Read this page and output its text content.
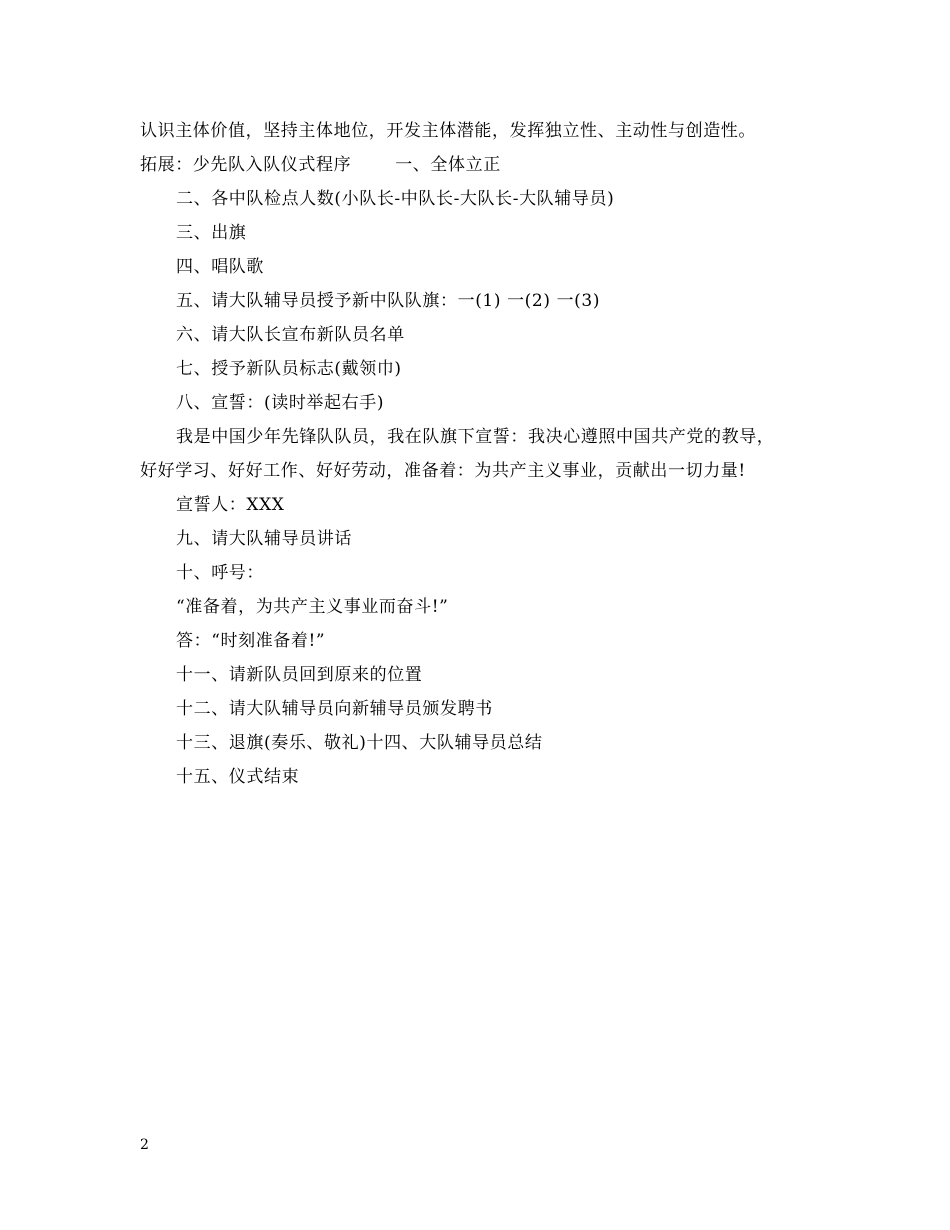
认识主体价值，坚持主体地位，开发主体潜能，发挥独立性、主动性与创造性。
拓展：少先队入队仪式程序	一、全体立正
二、各中队检点人数(小队长-中队长-大队长-大队辅导员)
三、出旗
四、唱队歌
五、请大队辅导员授予新中队队旗：一(1) 一(2) 一(3)
六、请大队长宣布新队员名单
七、授予新队员标志(戴领巾)
八、宣誓：(读时举起右手)
我是中国少年先锋队队员，我在队旗下宣誓：我决心遵照中国共产党的教导，
好好学习、好好工作、好好劳动，准备着：为共产主义事业，贡献出一切力量!
宣誓人：XXX
九、请大队辅导员讲话
十、呼号：
“准备着，为共产主义事业而奋斗!”
答：“时刻准备着!”
十一、请新队员回到原来的位置
十二、请大队辅导员向新辅导员颁发聘书
十三、退旗(奏乐、敬礼)十四、大队辅导员总结
十五、仪式结束
2
